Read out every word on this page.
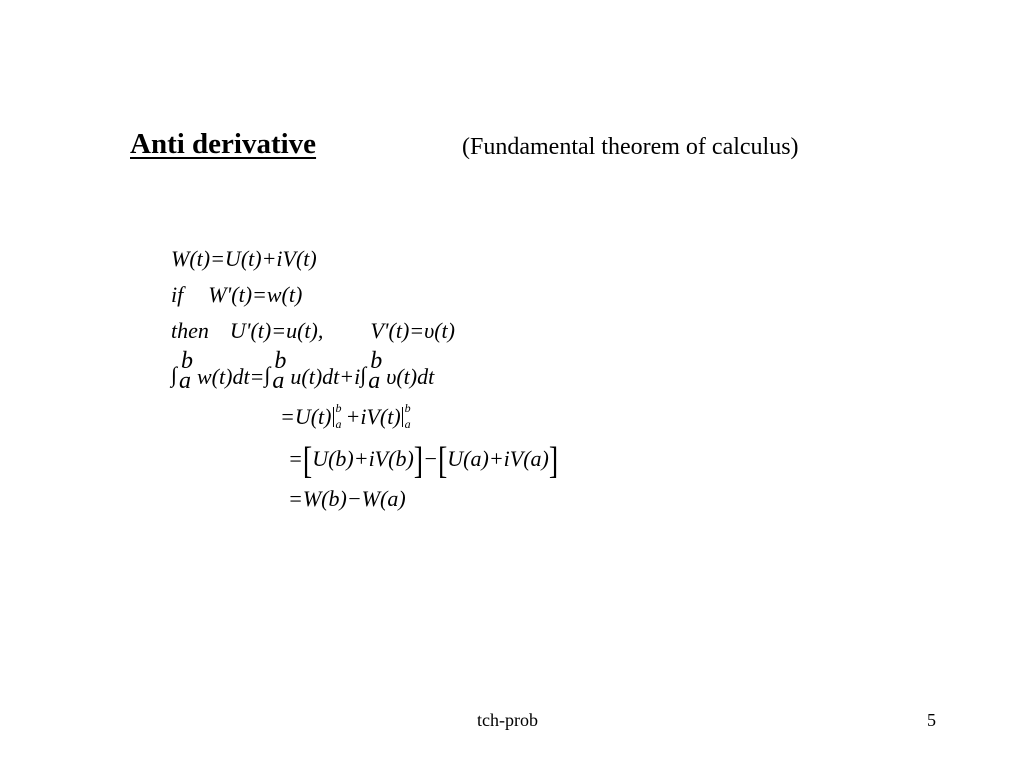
Anti derivative	(Fundamental theorem of calculus)
W(t)=U(t)+iV(t)
if W'(t)=w(t)
then U'(t)=u(t), V'(t)=υ(t)
∫
b
a w(t)dt= ∫
b
a u(t)dt+i ∫
b
a υ(t)dt
=U(t) b
a +iV(t) b
a
=[U(b)+iV(b)]−[U(a)+iV(a)]
=W(b)−W(a)
tch-prob	5
